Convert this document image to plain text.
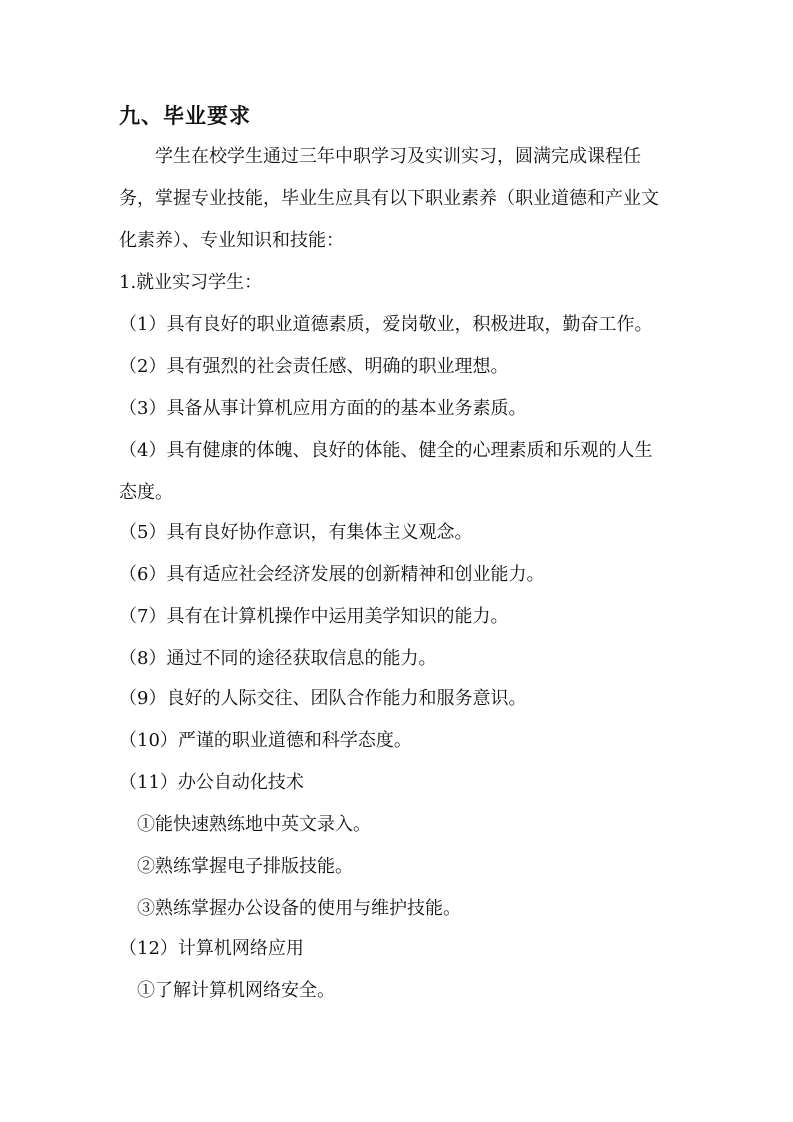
九、毕业要求
学生在校学生通过三年中职学习及实训实习，圆满完成课程任
务，掌握专业技能，毕业生应具有以下职业素养（职业道德和产业文
化素养）、专业知识和技能：
1.就业实习学生：
（1）具有良好的职业道德素质，爱岗敬业，积极进取，勤奋工作。
（2）具有强烈的社会责任感、明确的职业理想。
（3）具备从事计算机应用方面的的基本业务素质。
（4）具有健康的体魄、良好的体能、健全的心理素质和乐观的人生
态度。
（5）具有良好协作意识，有集体主义观念。
（6）具有适应社会经济发展的创新精神和创业能力。
（7）具有在计算机操作中运用美学知识的能力。
（8）通过不同的途径获取信息的能力。
（9）良好的人际交往、团队合作能力和服务意识。
（10）严谨的职业道德和科学态度。
（11）办公自动化技术
①能快速熟练地中英文录入。
②熟练掌握电子排版技能。
③熟练掌握办公设备的使用与维护技能。
（12）计算机网络应用
①了解计算机网络安全。
